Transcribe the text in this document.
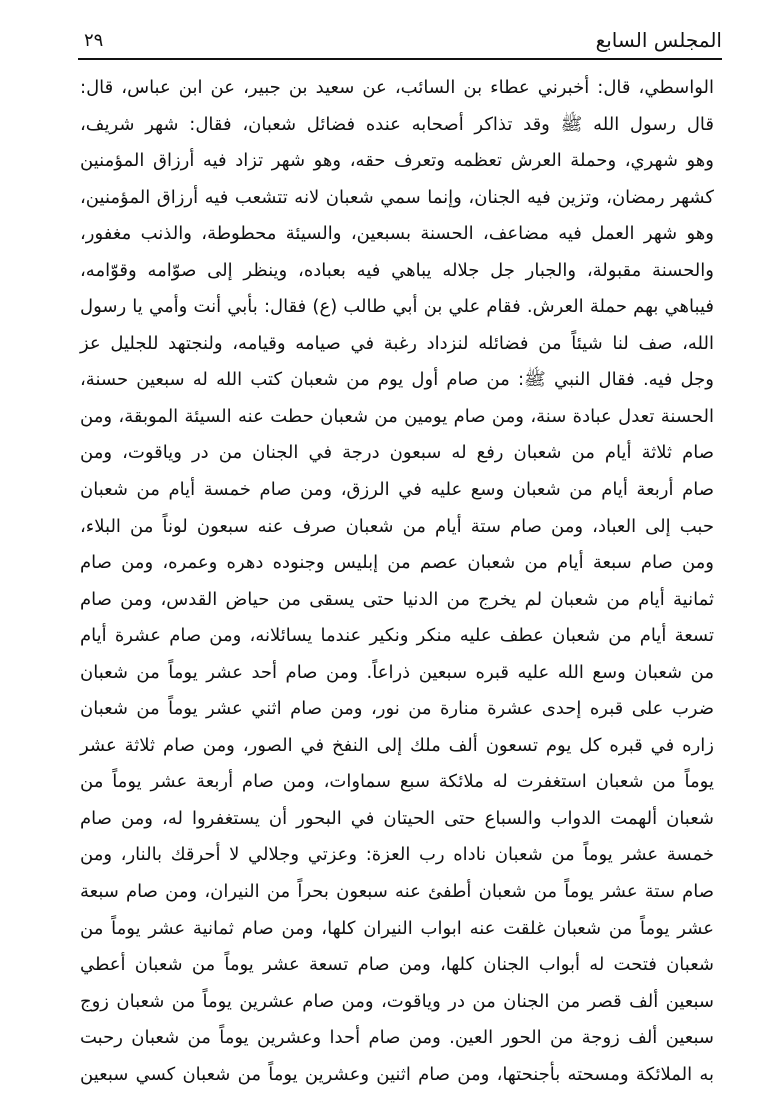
المجلس السابع
٢٩
الواسطي، قال: أخبرني عطاء بن السائب، عن سعيد بن جبير، عن ابن عباس، قال:
قال رسول الله ﷺ وقد تذاكر أصحابه عنده فضائل شعبان، فقال: شهر شريف،
وهو شهري، وحملة العرش تعظمه وتعرف حقه، وهو شهر تزاد فيه أرزاق المؤمنين
كشهر رمضان، وتزين فيه الجنان، وإنما سمي شعبان لانه تتشعب فيه أرزاق المؤمنين،
وهو شهر العمل فيه مضاعف، الحسنة بسبعين، والسيئة محطوطة، والذنب مغفور،
والحسنة مقبولة، والجبار جل جلاله يباهي فيه بعباده، وينظر إلى صوّامه وقوّامه،
فيباهي بهم حملة العرش. فقام علي بن أبي طالب (ع) فقال: بأبي أنت وأمي يا رسول
الله، صف لنا شيئاً من فضائله لنزداد رغبة في صيامه وقيامه، ولنجتهد للجليل عز
وجل فيه. فقال النبي ﷺ: من صام أول يوم من شعبان كتب الله له سبعين حسنة،
الحسنة تعدل عبادة سنة، ومن صام يومين من شعبان حطت عنه السيئة الموبقة، ومن
صام ثلاثة أيام من شعبان رفع له سبعون درجة في الجنان من در وياقوت، ومن
صام أربعة أيام من شعبان وسع عليه في الرزق، ومن صام خمسة أيام من شعبان
حبب إلى العباد، ومن صام ستة أيام من شعبان صرف عنه سبعون لوناً من البلاء،
ومن صام سبعة أيام من شعبان عصم من إبليس وجنوده دهره وعمره، ومن صام
ثمانية أيام من شعبان لم يخرج من الدنيا حتى يسقى من حياض القدس، ومن صام
تسعة أيام من شعبان عطف عليه منكر ونكير عندما يسائلانه، ومن صام عشرة أيام
من شعبان وسع الله عليه قبره سبعين ذراعاً. ومن صام أحد عشر يوماً من شعبان
ضرب على قبره إحدى عشرة منارة من نور، ومن صام اثني عشر يوماً من شعبان
زاره في قبره كل يوم تسعون ألف ملك إلى النفخ في الصور، ومن صام ثلاثة عشر
يوماً من شعبان استغفرت له ملائكة سبع سماوات، ومن صام أربعة عشر يوماً من
شعبان ألهمت الدواب والسباع حتى الحيتان في البحور أن يستغفروا له، ومن صام
خمسة عشر يوماً من شعبان ناداه رب العزة: وعزتي وجلالي لا أحرقك بالنار، ومن
صام ستة عشر يوماً من شعبان أطفئ عنه سبعون بحراً من النيران، ومن صام سبعة
عشر يوماً من شعبان غلقت عنه ابواب النيران كلها، ومن صام ثمانية عشر يوماً من
شعبان فتحت له أبواب الجنان كلها، ومن صام تسعة عشر يوماً من شعبان أعطي
سبعين ألف قصر من الجنان من در وياقوت، ومن صام عشرين يوماً من شعبان زوج
سبعين ألف زوجة من الحور العين. ومن صام أحدا وعشرين يوماً من شعبان رحبت
به الملائكة ومسحته بأجنحتها، ومن صام اثنين وعشرين يوماً من شعبان كسي سبعين
